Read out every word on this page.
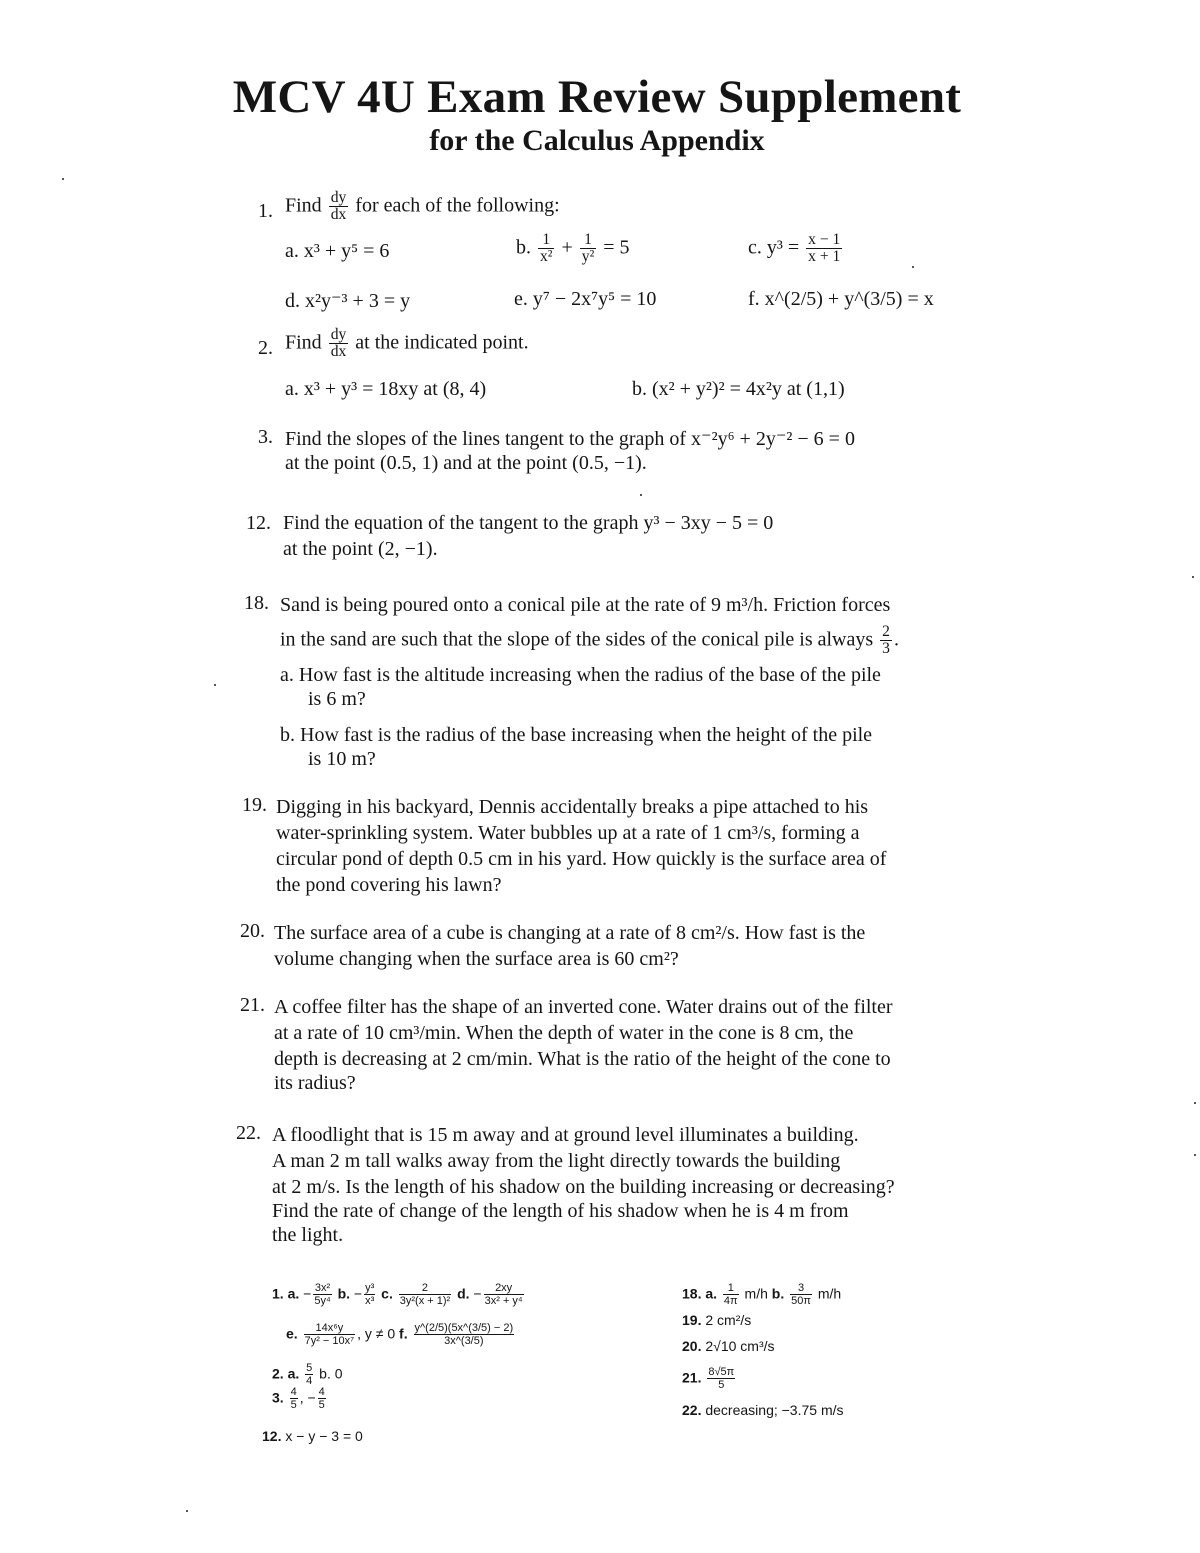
MCV 4U Exam Review Supplement
for the Calculus Appendix
1. Find $\frac{dy}{dx}$ for each of the following:
a. x³ + y⁵ = 6	b. $\frac{1}{\text{x²}} + \frac{1}{\text{y²}} = 5$	c. $y^3 = \frac{x - 1}{x + 1}$
d. x²y⁻³ + 3 = y	e. y⁷ − 2x⁷y⁵ = 10	f. x^(2/5) + y^(3/5) = x
2. Find $\frac{dy}{dx}$ at the indicated point.
a. x³ + y³ = 18xy at (8, 4)	b. (x² + y²)² = 4x²y at (1,1)
3. Find the slopes of the lines tangent to the graph of x⁻²y⁶ + 2y⁻² − 6 = 0
at the point (0.5, 1) and at the point (0.5, −1).
12. Find the equation of the tangent to the graph y³ − 3xy − 5 = 0
at the point (2, −1).
18. Sand is being poured onto a conical pile at the rate of 9 m³/h. Friction forces
in the sand are such that the slope of the sides of the conical pile is always $\frac{2}{3}$ .
a. How fast is the altitude increasing when the radius of the base of the pile
is 6 m?
b. How fast is the radius of the base increasing when the height of the pile
is 10 m?
19. Digging in his backyard, Dennis accidentally breaks a pipe attached to his
water-sprinkling system. Water bubbles up at a rate of 1 cm³/s, forming a
circular pond of depth 0.5 cm in his yard. How quickly is the surface area of
the pond covering his lawn?
20. The surface area of a cube is changing at a rate of 8 cm²/s. How fast is the
volume changing when the surface area is 60 cm²?
21. A coffee filter has the shape of an inverted cone. Water drains out of the filter
at a rate of 10 cm³/min. When the depth of water in the cone is 8 cm, the
depth is decreasing at 2 cm/min. What is the ratio of the height of the cone to
its radius?
22. A floodlight that is 15 m away and at ground level illuminates a building.
A man 2 m tall walks away from the light directly towards the building
at 2 m/s. Is the length of his shadow on the building increasing or decreasing?
Find the rate of change of the length of his shadow when he is 4 m from
the light.
1. a. − $\frac{\text{3x²}}{\text{5y⁴}} b$. − $\frac{\text{y³}}{\text{x³}} c$. $\frac{2}{\text{3y²(x + 1)²}} d$. − $\frac{2xy}{\text{3x² + y⁴}}$
e. $\frac{\text{14x⁶y}}{\text{7y² − 10x⁷}}$ , y ≠ 0 f. $\frac{y\^{}(2/5)(5x\^{}(3/5) - 2)}{3x\^{}(3/5)}$
2. a. $\frac{5}{4} b$. 0
3. $\frac{4}{5}$ , − $\frac{4}{5}$
12. x − y − 3 = 0
18. a. $\frac{1}{4\pi} m/h$ b. $\frac{3}{50\pi} m/h$
19. 2 cm²/s
20. 2√10 cm³/s
21. $\frac{8√5\pi}{5}$
22. decreasing; −3.75 m/s
